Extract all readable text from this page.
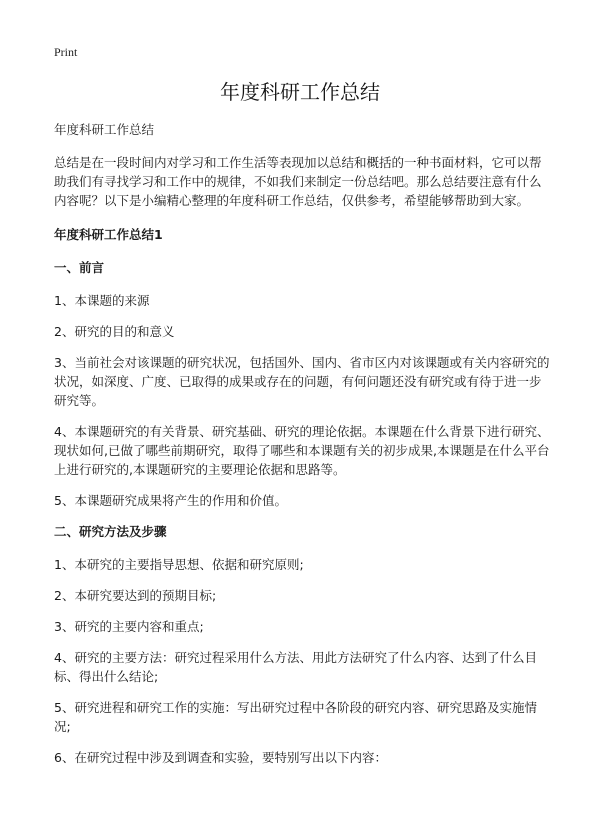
Print
年度科研工作总结
年度科研工作总结
总结是在一段时间内对学习和工作生活等表现加以总结和概括的一种书面材料，它可以帮助我们有寻找学习和工作中的规律，不如我们来制定一份总结吧。那么总结要注意有什么内容呢？以下是小编精心整理的年度科研工作总结，仅供参考，希望能够帮助到大家。
年度科研工作总结1
一、前言
1、本课题的来源
2、研究的目的和意义
3、当前社会对该课题的研究状况，包括国外、国内、省市区内对该课题或有关内容研究的状况，如深度、广度、已取得的成果或存在的问题，有何问题还没有研究或有待于进一步研究等。
4、本课题研究的有关背景、研究基础、研究的理论依据。本课题在什么背景下进行研究、现状如何,已做了哪些前期研究，取得了哪些和本课题有关的初步成果,本课题是在什么平台上进行研究的,本课题研究的主要理论依据和思路等。
5、本课题研究成果将产生的作用和价值。
二、研究方法及步骤
1、本研究的主要指导思想、依据和研究原则;
2、本研究要达到的预期目标;
3、研究的主要内容和重点;
4、研究的主要方法：研究过程采用什么方法、用此方法研究了什么内容、达到了什么目标、得出什么结论;
5、研究进程和研究工作的实施：写出研究过程中各阶段的研究内容、研究思路及实施情况;
6、在研究过程中涉及到调查和实验，要特别写出以下内容：
